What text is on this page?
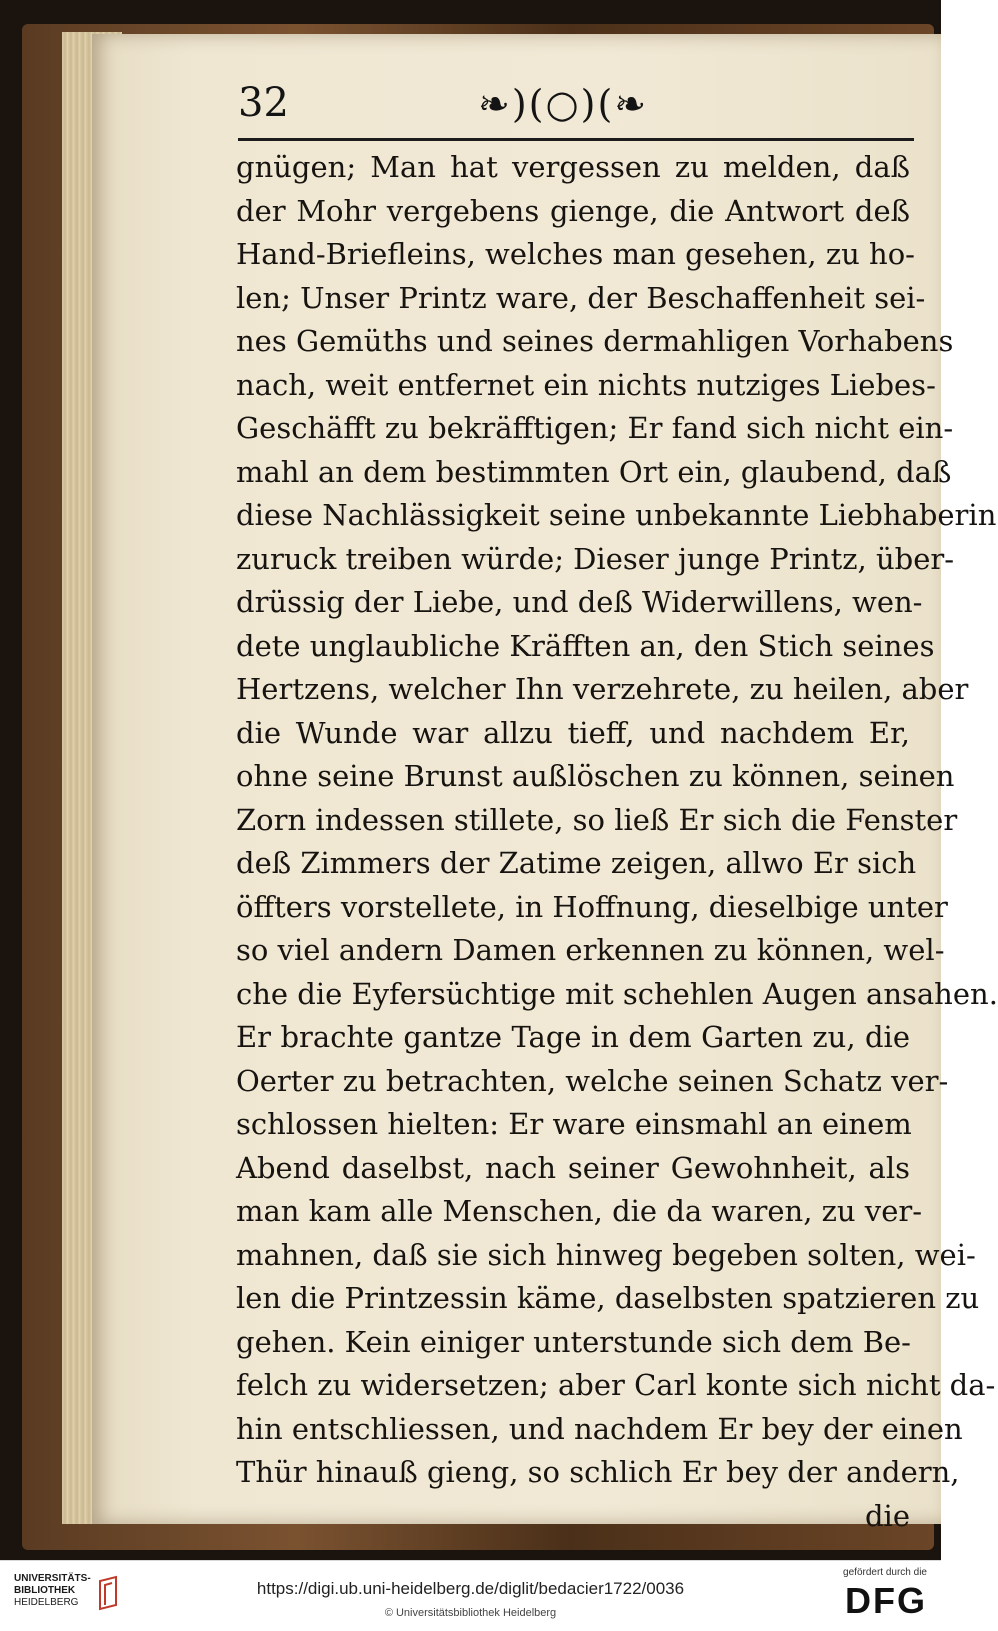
32	❧)(○)(❧
gnügen; Man hat vergessen zu melden, daß
der Mohr vergebens gienge, die Antwort deß
Hand-Briefleins, welches man gesehen, zu ho-
len; Unser Printz ware, der Beschaffenheit sei-
nes Gemüths und seines dermahligen Vorhabens
nach, weit entfernet ein nichts nutziges Liebes-
Geschäfft zu bekräfftigen; Er fand sich nicht ein-
mahl an dem bestimmten Ort ein, glaubend, daß
diese Nachlässigkeit seine unbekannte Liebhaberin
zuruck treiben würde; Dieser junge Printz, über-
drüssig der Liebe, und deß Widerwillens, wen-
dete unglaubliche Kräfften an, den Stich seines
Hertzens, welcher Ihn verzehrete, zu heilen, aber
die Wunde war allzu tieff, und nachdem Er,
ohne seine Brunst außlöschen zu können, seinen
Zorn indessen stillete, so ließ Er sich die Fenster
deß Zimmers der Zatime zeigen, allwo Er sich
öffters vorstellete, in Hoffnung, dieselbige unter
so viel andern Damen erkennen zu können, wel-
che die Eyfersüchtige mit schehlen Augen ansahen.
Er brachte gantze Tage in dem Garten zu, die
Oerter zu betrachten, welche seinen Schatz ver-
schlossen hielten: Er ware einsmahl an einem
Abend daselbst, nach seiner Gewohnheit, als
man kam alle Menschen, die da waren, zu ver-
mahnen, daß sie sich hinweg begeben solten, wei-
len die Printzessin käme, daselbsten spatzieren zu
gehen. Kein einiger unterstunde sich dem Be-
felch zu widersetzen; aber Carl konte sich nicht da-
hin entschliessen, und nachdem Er bey der einen
Thür hinauß gieng, so schlich Er bey der andern,
die
UNIVERSITÄTS-
BIBLIOTHEK
HEIDELBERG
https://digi.ub.uni-heidelberg.de/diglit/bedacier1722/0036
© Universitätsbibliothek Heidelberg
gefördert durch die
DFG
